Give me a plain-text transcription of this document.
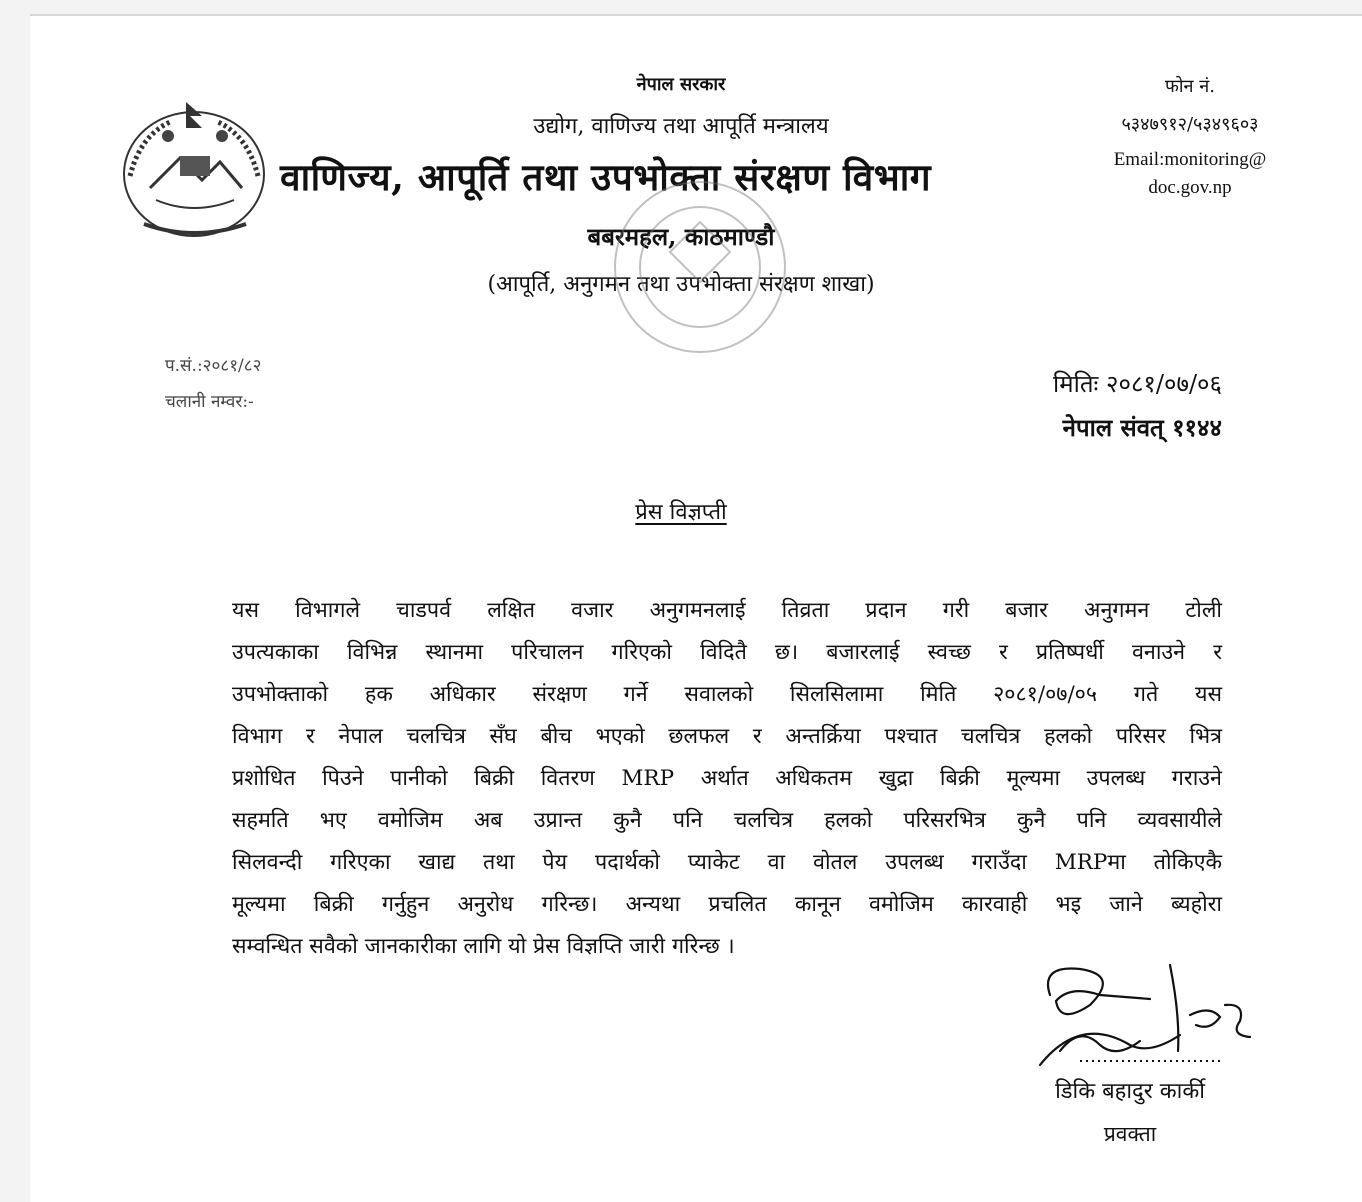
नेपाल सरकार
उद्योग, वाणिज्य तथा आपूर्ति मन्त्रालय
वाणिज्य, आपूर्ति तथा उपभोक्ता संरक्षण विभाग
बबरमहल, काठमाण्डौ
(आपूर्ति, अनुगमन तथा उपभोक्ता संरक्षण शाखा)
फोन नं.
५३४७९१२/५३४९६०३
Email:monitoring@
doc.gov.np
प.सं.:२०८१/८२
चलानी नम्वर:-
मितिः २०८१/०७/०६
नेपाल संवत् ११४४
प्रेस विज्ञप्ती
यस विभागले चाडपर्व लक्षित वजार अनुगमनलाई तिव्रता प्रदान गरी बजार अनुगमन टोली
उपत्यकाका विभिन्न स्थानमा परिचालन गरिएको विदितै छ। बजारलाई स्वच्छ र प्रतिष्पर्धी वनाउने र
उपभोक्ताको हक अधिकार संरक्षण गर्ने सवालको सिलसिलामा मिति २०८१/०७/०५ गते यस
विभाग र नेपाल चलचित्र सँघ बीच भएको छलफल र अन्तर्क्रिया पश्चात चलचित्र हलको परिसर भित्र
प्रशोधित पिउने पानीको बिक्री वितरण MRP अर्थात अधिकतम खुद्रा बिक्री मूल्यमा उपलब्ध गराउने
सहमति भए वमोजिम अब उप्रान्त कुनै पनि चलचित्र हलको परिसरभित्र कुनै पनि व्यवसायीले
सिलवन्दी गरिएका खाद्य तथा पेय पदार्थको प्याकेट वा वोतल उपलब्ध गराउँदा MRPमा तोकिएकै
मूल्यमा बिक्री गर्नुहुन अनुरोध गरिन्छ। अन्यथा प्रचलित कानून वमोजिम कारवाही भइ जाने ब्यहोरा
सम्वन्धित सवैको जानकारीका लागि यो प्रेस विज्ञप्ति जारी गरिन्छ ।
डिकि बहादुर कार्की
प्रवक्ता
